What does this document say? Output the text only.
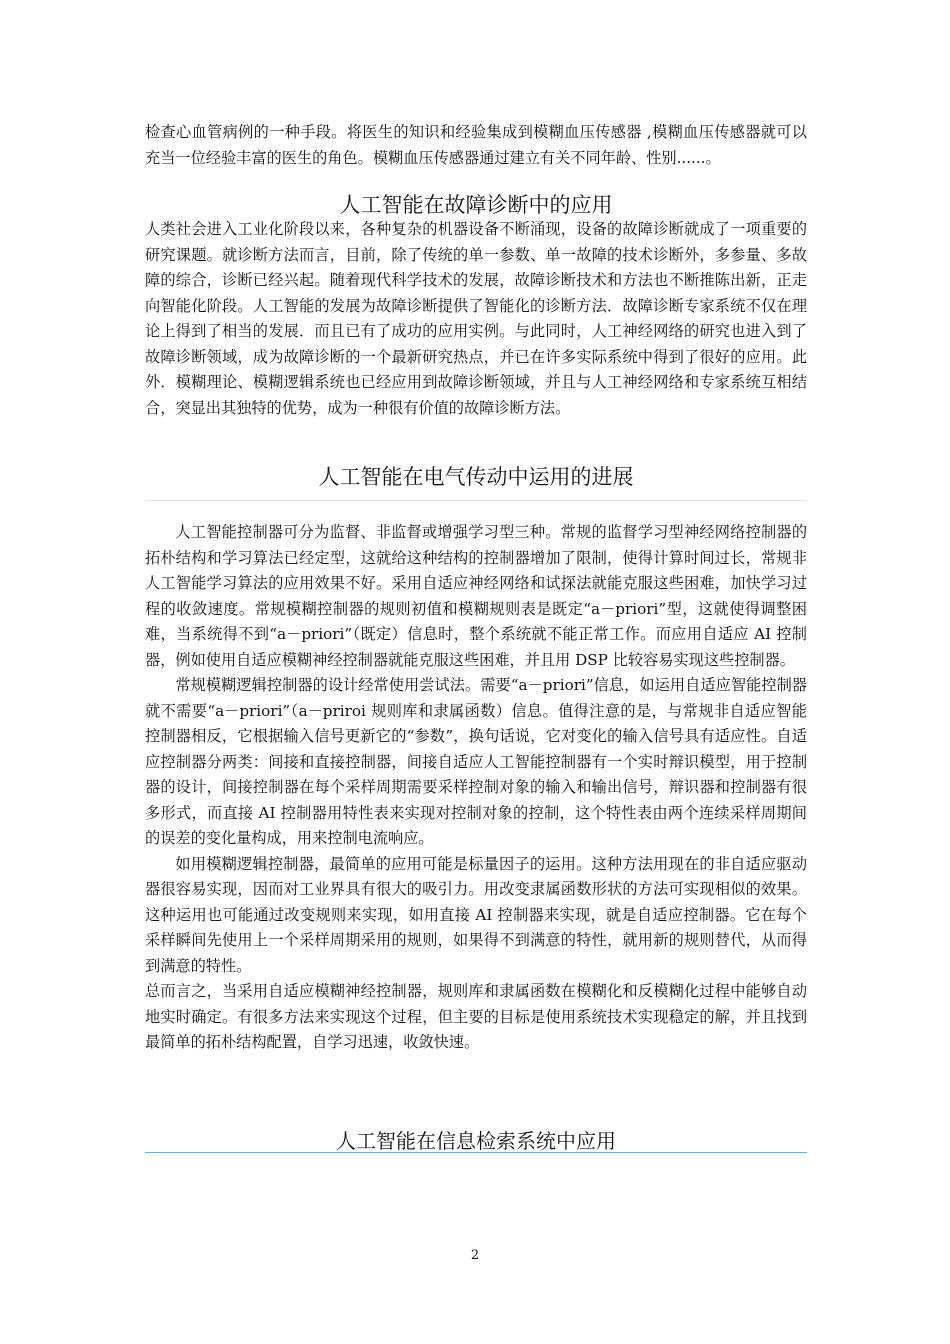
检查心血管病例的一种手段。将医生的知识和经验集成到模糊血压传感器 ,模糊血压传感器就可以充当一位经验丰富的医生的角色。模糊血压传感器通过建立有关不同年龄、性别......。

人工智能在故障诊断中的应用

人类社会进入工业化阶段以来，各种复杂的机器设备不断涌现，设备的故障诊断就成了一项重要的研究课题。就诊断方法而言，目前，除了传统的单一参数、单一故障的技术诊断外，多参量、多故障的综合，诊断已经兴起。随着现代科学技术的发展，故障诊断技术和方法也不断推陈出新，正走向智能化阶段。人工智能的发展为故障诊断提供了智能化的诊断方法．故障诊断专家系统不仅在理论上得到了相当的发展．而且已有了成功的应用实例。与此同时，人工神经网络的研究也进入到了故障诊断领域，成为故障诊断的一个最新研究热点，并已在许多实际系统中得到了很好的应用。此外．模糊理论、模糊逻辑系统也已经应用到故障诊断领域，并且与人工神经网络和专家系统互相结合，突显出其独特的优势，成为一种很有价值的故障诊断方法。

人工智能在电气传动中运用的进展

人工智能控制器可分为监督、非监督或增强学习型三种。常规的监督学习型神经网络控制器的拓朴结构和学习算法已经定型，这就给这种结构的控制器增加了限制，使得计算时间过长，常规非人工智能学习算法的应用效果不好。采用自适应神经网络和试探法就能克服这些困难，加快学习过程的收敛速度。常规模糊控制器的规则初值和模糊规则表是既定“a－priori”型，这就使得调整困难，当系统得不到“a－priori”（既定）信息时，整个系统就不能正常工作。而应用自适应 AI 控制器，例如使用自适应模糊神经控制器就能克服这些困难，并且用 DSP 比较容易实现这些控制器。

常规模糊逻辑控制器的设计经常使用尝试法。需要“a－priori”信息，如运用自适应智能控制器就不需要“a－priori”（a－priroi 规则库和隶属函数）信息。值得注意的是，与常规非自适应智能控制器相反，它根据输入信号更新它的“参数”，换句话说，它对变化的输入信号具有适应性。自适应控制器分两类：间接和直接控制器，间接自适应人工智能控制器有一个实时辩识模型，用于控制器的设计，间接控制器在每个采样周期需要采样控制对象的输入和输出信号，辩识器和控制器有很多形式，而直接 AI 控制器用特性表来实现对控制对象的控制，这个特性表由两个连续采样周期间的误差的变化量构成，用来控制电流响应。

如用模糊逻辑控制器，最简单的应用可能是标量因子的运用。这种方法用现在的非自适应驱动器很容易实现，因而对工业界具有很大的吸引力。用改变隶属函数形状的方法可实现相似的效果。这种运用也可能通过改变规则来实现，如用直接 AI 控制器来实现，就是自适应控制器。它在每个采样瞬间先使用上一个采样周期采用的规则，如果得不到满意的特性，就用新的规则替代，从而得到满意的特性。

总而言之，当采用自适应模糊神经控制器，规则库和隶属函数在模糊化和反模糊化过程中能够自动地实时确定。有很多方法来实现这个过程，但主要的目标是使用系统技术实现稳定的解，并且找到最简单的拓朴结构配置，自学习迅速，收敛快速。

人工智能在信息检索系统中应用
2
